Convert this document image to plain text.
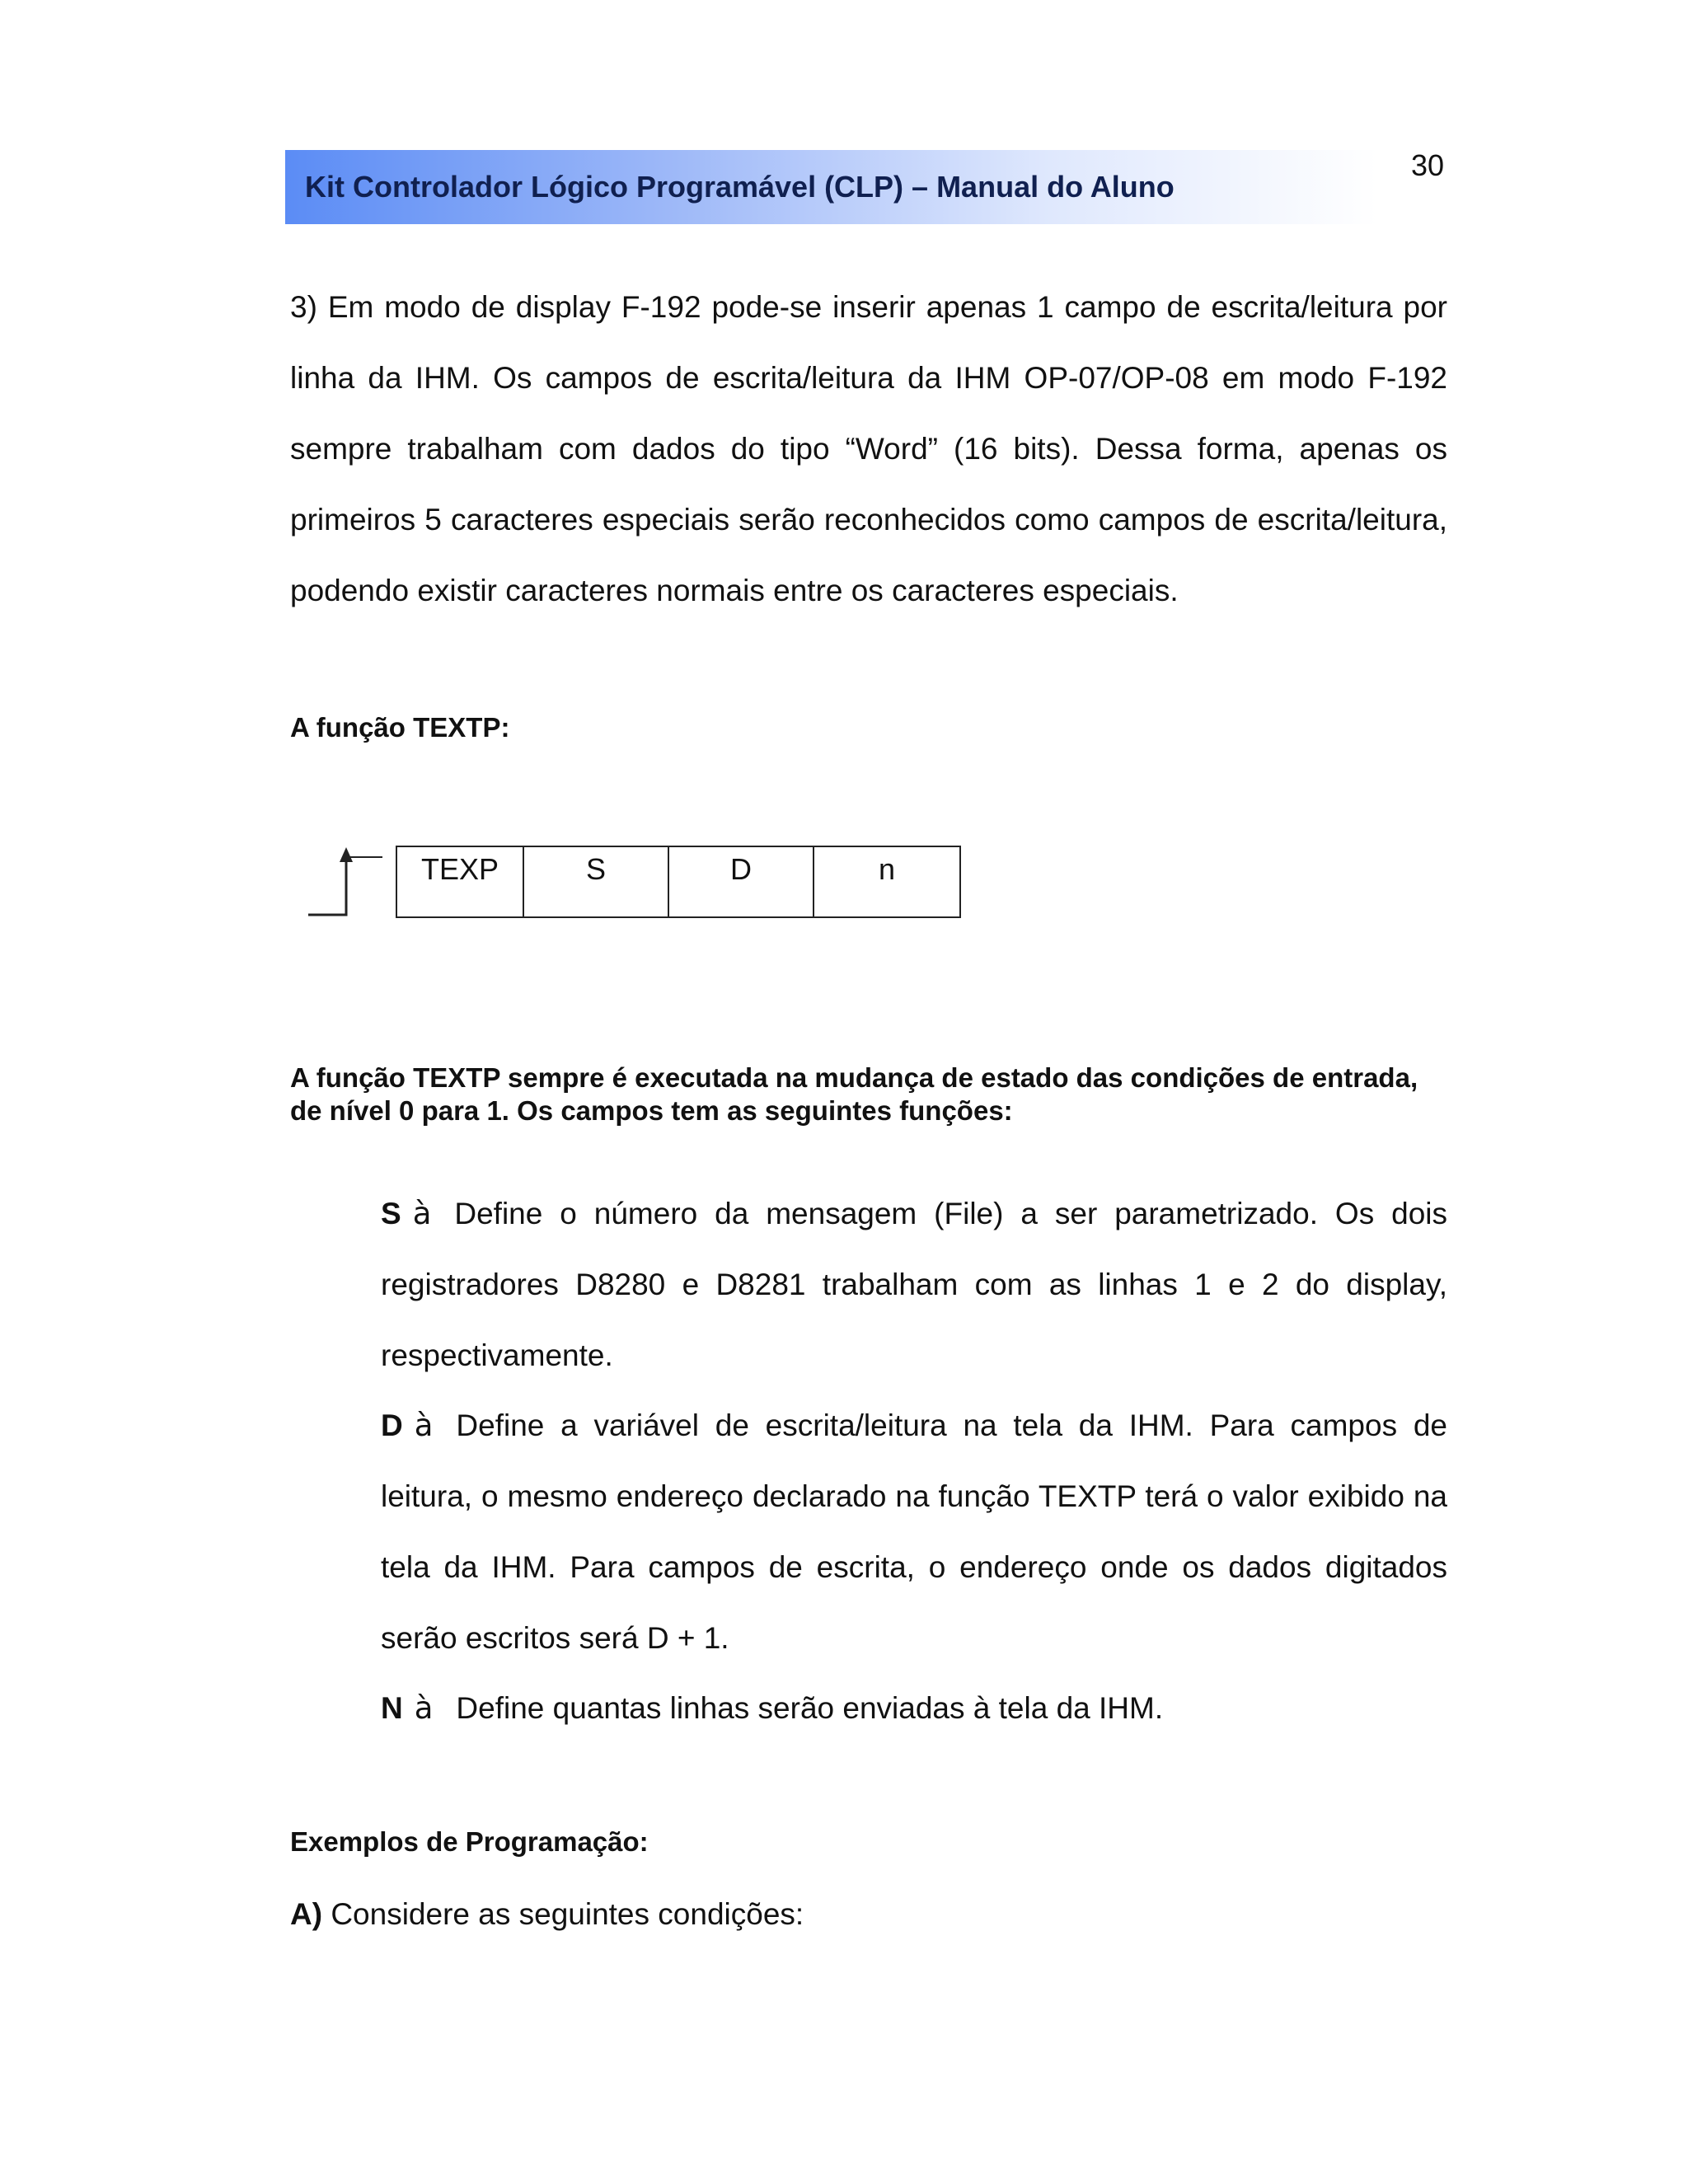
Kit Controlador Lógico Programável (CLP) – Manual do Aluno
30
3) Em modo de display F-192 pode-se inserir apenas 1 campo de escrita/leitura por linha da IHM. Os campos de escrita/leitura da IHM OP-07/OP-08 em modo F-192 sempre trabalham com dados do tipo “Word” (16 bits). Dessa forma, apenas os primeiros 5 caracteres especiais serão reconhecidos como campos de escrita/leitura, podendo existir caracteres normais entre os caracteres especiais.
A função TEXTP:
TEXP	S	D	n
A função TEXTP sempre é executada na mudança de estado das condições de entrada, de nível 0 para 1. Os campos tem as seguintes funções:
S à Define o número da mensagem (File) a ser parametrizado. Os dois registradores D8280 e D8281 trabalham com as linhas 1 e 2 do display, respectivamente.
D à Define a variável de escrita/leitura na tela da IHM. Para campos de leitura, o mesmo endereço declarado na função TEXTP terá o valor exibido na tela da IHM. Para campos de escrita, o endereço onde os dados digitados serão escritos será D + 1.
N à Define quantas linhas serão enviadas à tela da IHM.
Exemplos de Programação:
A) Considere as seguintes condições:
